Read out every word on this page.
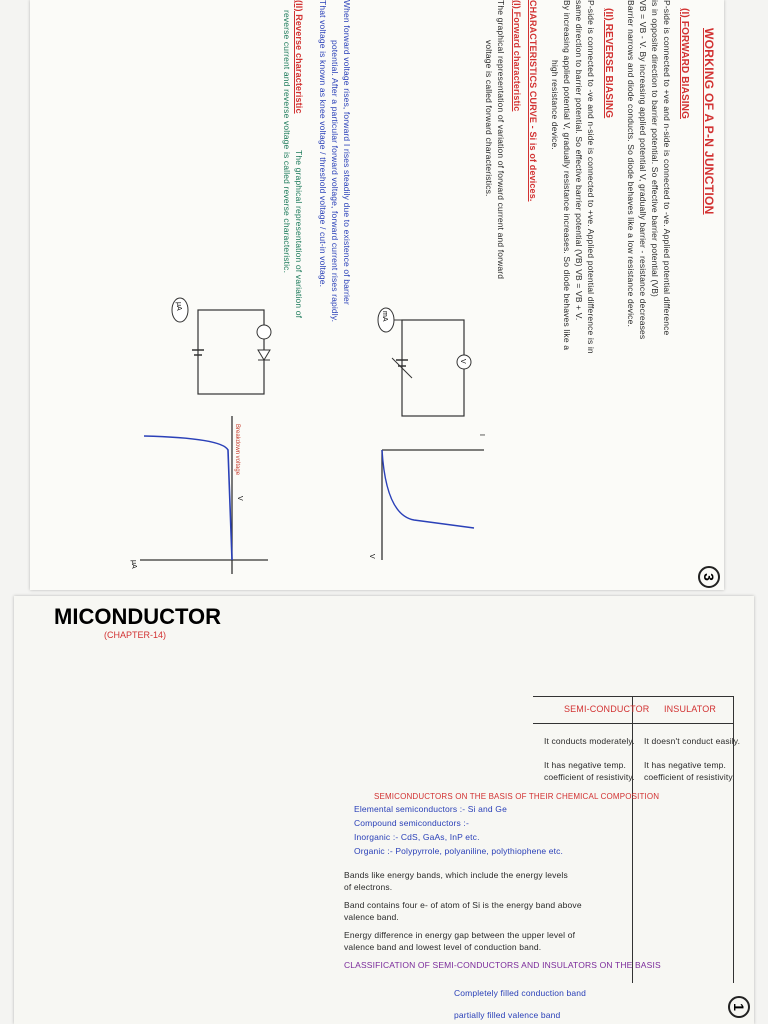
3
WORKING OF A P-N JUNCTION
(I) FORWARD BIASING
P-side is connected to +ve and n-side is connected to -ve. Applied potential difference
is in opposite direction to barrier potential. So effective barrier potential (VB)
VB = VB - V. By increasing applied potential V, gradually barrier - resistance decreases
Barrier narrows and diode conducts. So diode behaves like a low resistance device.
(II) REVERSE BIASING
P-side is connected to -ve and n-side is connected to +ve. Applied potential difference is in
same direction to barrier potential. So effective barrier potential (VB) VB = VB + V.
By increasing applied potential V, gradually resistance increases. So diode behaves like a
high resistance device.
CHARACTERISTICS CURVE - Si is of devices.
(I) Forward characteristic
The graphical representation of variation of forward current and forward
voltage is called forward characteristics.
V
mA
I
V
When forward voltage rises, forward I rises steadily due to existence of barrier
potential. After a particular forward voltage, forward current rises rapidly.
That voltage is known as knee voltage / threshold voltage / cut-in voltage.
(II) Reverse characteristic
The graphical representation of variation of
reverse current and reverse voltage is called reverse characteristic.
μA
V
Breakdown voltage
μA
1
MICONDUCTOR
(CHAPTER-14)
SEMI-CONDUCTOR INSULATOR
It conducts moderately.
It has negative temp.
coefficient of resistivity.
It doesn't conduct easily.
It has negative temp.
coefficient of resistivity.
SEMICONDUCTORS ON THE BASIS OF THEIR CHEMICAL COMPOSITION
Elemental semiconductors :- Si and Ge
Compound semiconductors :-
Inorganic :- CdS, GaAs, InP etc.
Organic :- Polypyrrole, polyaniline, polythiophene etc.
Bands like energy bands, which include the energy levels
of electrons.
Band contains four e- of atom of Si is the energy band above
valence band.
Energy difference in energy gap between the upper level of
valence band and lowest level of conduction band.
CLASSIFICATION OF SEMI-CONDUCTORS AND INSULATORS ON THE BASIS
Completely filled conduction band
partially filled valence band
